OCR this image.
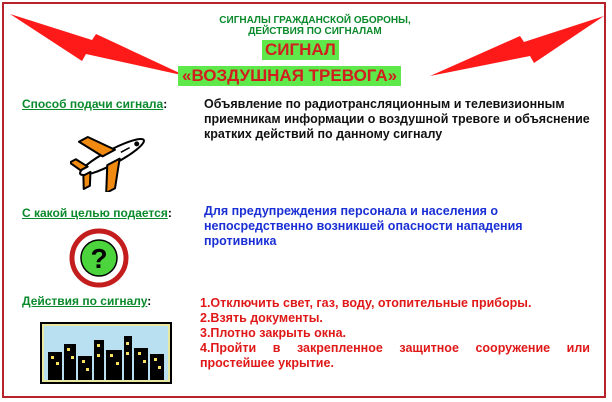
СИГНАЛЫ ГРАЖДАНСКОЙ ОБОРОНЫ,
ДЕЙСТВИЯ ПО СИГНАЛАМ
СИГНАЛ
«ВОЗДУШНАЯ ТРЕВОГА»
Способ подачи сигнала:	Объявление по радиотрансляционным и телевизионным приемникам информации о воздушной тревоге и объяснение кратких действий по данному сигналу
С какой целью подается:	Для предупреждения персонала и населения о непосредственно возникшей опасности нападения противника
?
Действия по сигналу:	1.Отключить свет, газ, воду, отопительные приборы.
2.Взять документы.
3.Плотно закрыть окна.
4.Пройти в закрепленное защитное сооружение или простейшее укрытие.
